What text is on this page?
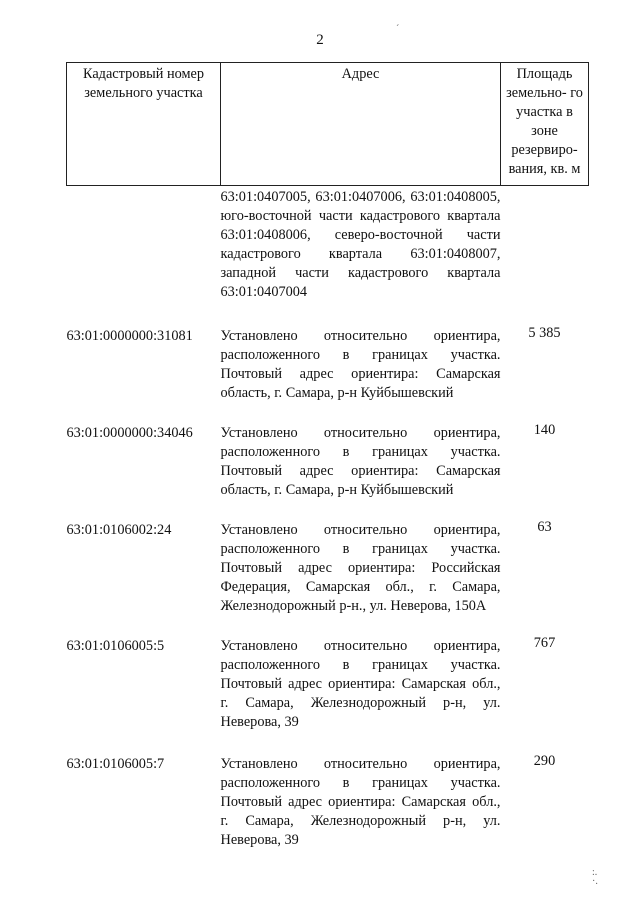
2
ˊ
:.
·.
Кадастровый номер земельного участка	Адрес	Площадь земельно- го участка в зоне резервиро- вания, кв. м
	63:01:0407005, 63:01:0407006, 63:01:0408005, юго-восточной части кадастрового квартала 63:01:0408006, северо-восточной части кадастрового квартала 63:01:0408007, западной части кадастрового квартала 63:01:0407004	
63:01:0000000:31081	Установлено относительно ориентира, расположенного в границах участка. Почтовый адрес ориентира: Самарская область, г. Самара, р-н Куйбышевский	5 385
63:01:0000000:34046	Установлено относительно ориентира, расположенного в границах участка. Почтовый адрес ориентира: Самарская область, г. Самара, р-н Куйбышевский	140
63:01:0106002:24	Установлено относительно ориентира, расположенного в границах участка. Почтовый адрес ориентира: Российская Федерация, Самарская обл., г. Самара, Железнодорожный р-н., ул. Неверова, 150А	63
63:01:0106005:5	Установлено относительно ориентира, расположенного в границах участка. Почтовый адрес ориентира: Самарская обл., г. Самара, Железнодорожный р-н, ул. Неверова, 39	767
63:01:0106005:7	Установлено относительно ориентира, расположенного в границах участка. Почтовый адрес ориентира: Самарская обл., г. Самара, Железнодорожный р-н, ул. Неверова, 39	290
